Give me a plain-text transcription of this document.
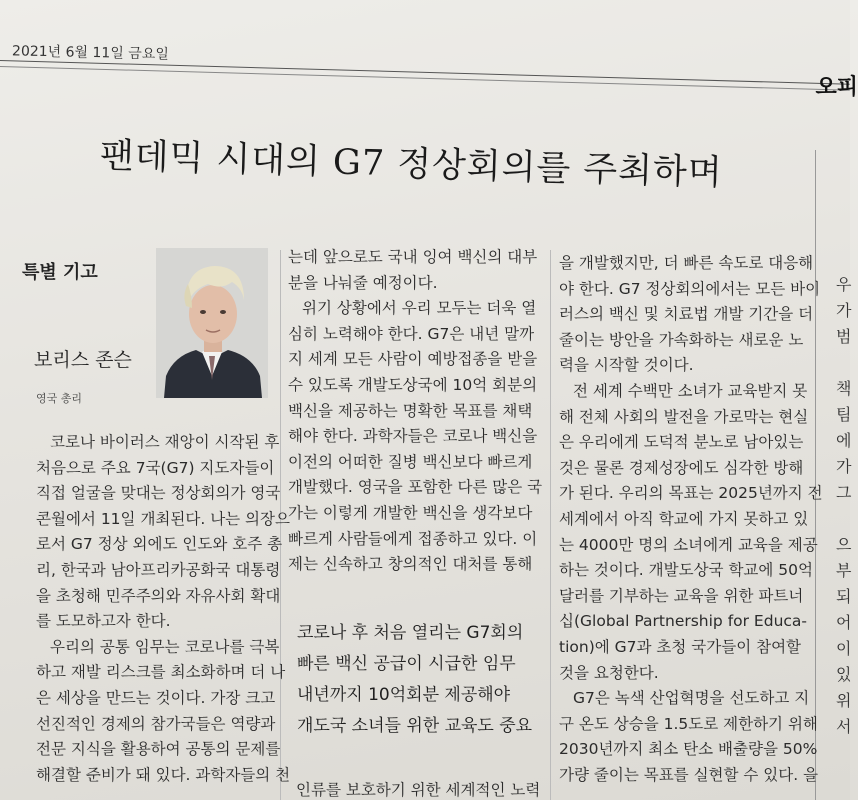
2021년 6월 11일 금요일
오피
팬데믹 시대의 G7 정상회의를 주최하며
특별 기고
보리스 존슨
영국 총리
코로나 바이러스 재앙이 시작된 후
처음으로 주요 7국(G7) 지도자들이
직접 얼굴을 맞대는 정상회의가 영국
콘월에서 11일 개최된다. 나는 의장으
로서 G7 정상 외에도 인도와 호주 총
리, 한국과 남아프리카공화국 대통령
을 초청해 민주주의와 자유사회 확대
를 도모하고자 한다.
우리의 공통 임무는 코로나를 극복
하고 재발 리스크를 최소화하며 더 나
은 세상을 만드는 것이다. 가장 크고
선진적인 경제의 참가국들은 역량과
전문 지식을 활용하여 공통의 문제를
해결할 준비가 돼 있다. 과학자들의 천
는데 앞으로도 국내 잉여 백신의 대부
분을 나눠줄 예정이다.
위기 상황에서 우리 모두는 더욱 열
심히 노력해야 한다. G7은 내년 말까
지 세계 모든 사람이 예방접종을 받을
수 있도록 개발도상국에 10억 회분의
백신을 제공하는 명확한 목표를 채택
해야 한다. 과학자들은 코로나 백신을
이전의 어떠한 질병 백신보다 빠르게
개발했다. 영국을 포함한 다른 많은 국
가는 이렇게 개발한 백신을 생각보다
빠르게 사람들에게 접종하고 있다. 이
제는 신속하고 창의적인 대처를 통해
코로나 후 처음 열리는 G7회의
빠른 백신 공급이 시급한 임무
내년까지 10억회분 제공해야
개도국 소녀들 위한 교육도 중요
인류를 보호하기 위한 세계적인 노력
을 개발했지만, 더 빠른 속도로 대응해
야 한다. G7 정상회의에서는 모든 바이
러스의 백신 및 치료법 개발 기간을 더
줄이는 방안을 가속화하는 새로운 노
력을 시작할 것이다.
전 세계 수백만 소녀가 교육받지 못
해 전체 사회의 발전을 가로막는 현실
은 우리에게 도덕적 분노로 남아있는
것은 물론 경제성장에도 심각한 방해
가 된다. 우리의 목표는 2025년까지 전
세계에서 아직 학교에 가지 못하고 있
는 4000만 명의 소녀에게 교육을 제공
하는 것이다. 개발도상국 학교에 50억
달러를 기부하는 교육을 위한 파트너
십(Global Partnership for Educa-
tion)에 G7과 초청 국가들이 참여할
것을 요청한다.
G7은 녹색 산업혁명을 선도하고 지
구 온도 상승을 1.5도로 제한하기 위해
2030년까지 최소 탄소 배출량을 50%
가량 줄이는 목표를 실현할 수 있다. 을
우
가
범
책
팀
에
가
그
으
부
되
어
이
있
위
서
